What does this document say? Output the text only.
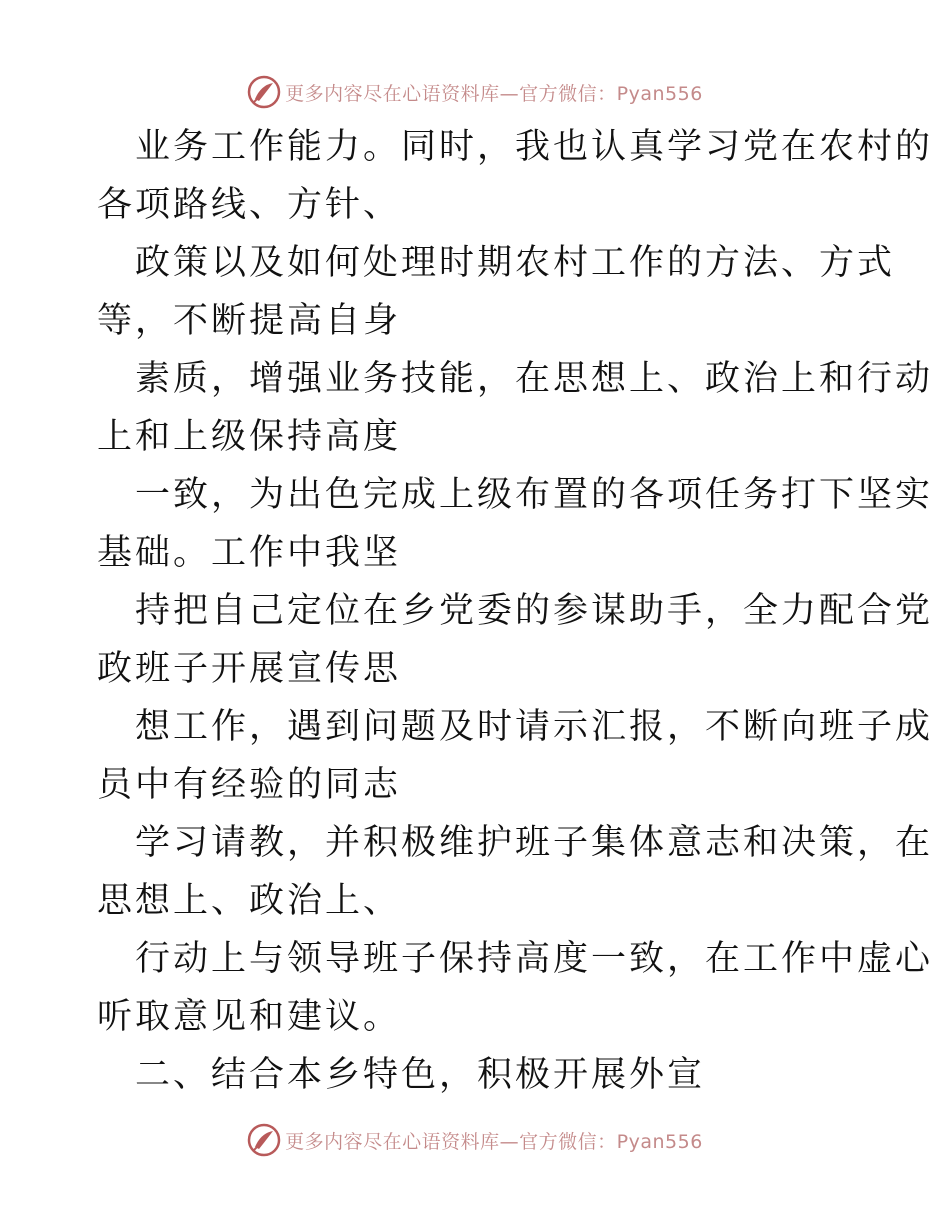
更多内容尽在心语资料库—官方微信：Pyan556

业务工作能力。同时，我也认真学习党在农村的
各项路线、方针、

政策以及如何处理时期农村工作的方法、方式
等，不断提高自身

素质，增强业务技能，在思想上、政治上和行动
上和上级保持高度

一致，为出色完成上级布置的各项任务打下坚实
基础。工作中我坚

持把自己定位在乡党委的参谋助手，全力配合党
政班子开展宣传思

想工作，遇到问题及时请示汇报，不断向班子成
员中有经验的同志

学习请教，并积极维护班子集体意志和决策，在
思想上、政治上、

行动上与领导班子保持高度一致，在工作中虚心
听取意见和建议。

二、结合本乡特色，积极开展外宣

更多内容尽在心语资料库—官方微信：Pyan556
